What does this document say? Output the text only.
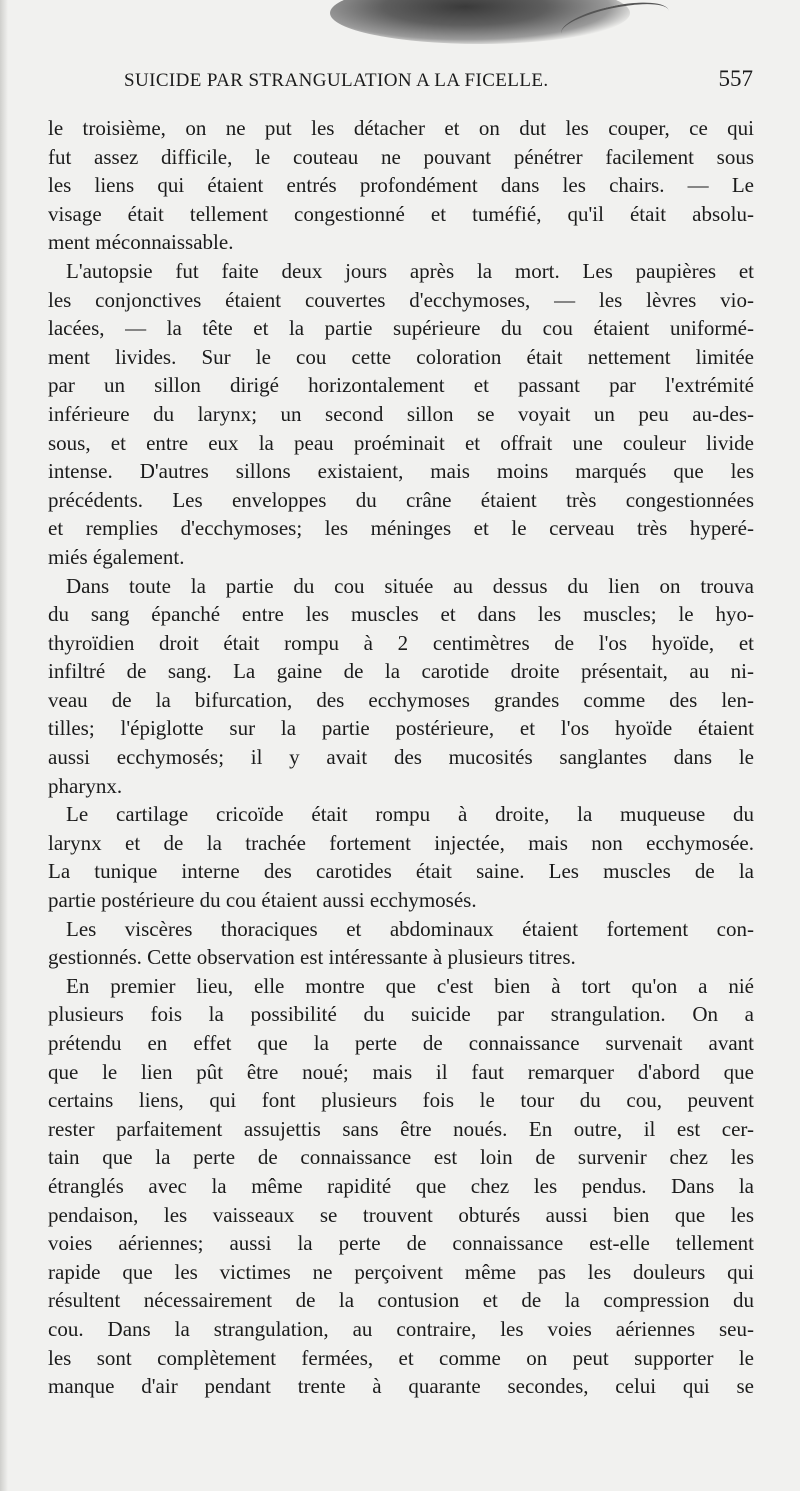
SUICIDE PAR STRANGULATION A LA FICELLE.	557
le troisième, on ne put les détacher et on dut les couper, ce qui
fut assez difficile, le couteau ne pouvant pénétrer facilement sous
les liens qui étaient entrés profondément dans les chairs. — Le
visage était tellement congestionné et tuméfié, qu'il était absolu-
ment méconnaissable.
L'autopsie fut faite deux jours après la mort. Les paupières et
les conjonctives étaient couvertes d'ecchymoses, — les lèvres vio-
lacées, — la tête et la partie supérieure du cou étaient uniformé-
ment livides. Sur le cou cette coloration était nettement limitée
par un sillon dirigé horizontalement et passant par l'extrémité
inférieure du larynx; un second sillon se voyait un peu au-des-
sous, et entre eux la peau proéminait et offrait une couleur livide
intense. D'autres sillons existaient, mais moins marqués que les
précédents. Les enveloppes du crâne étaient très congestionnées
et remplies d'ecchymoses; les méninges et le cerveau très hyperé-
miés également.
Dans toute la partie du cou située au dessus du lien on trouva
du sang épanché entre les muscles et dans les muscles; le hyo-
thyroïdien droit était rompu à 2 centimètres de l'os hyoïde, et
infiltré de sang. La gaine de la carotide droite présentait, au ni-
veau de la bifurcation, des ecchymoses grandes comme des len-
tilles; l'épiglotte sur la partie postérieure, et l'os hyoïde étaient
aussi ecchymosés; il y avait des mucosités sanglantes dans le
pharynx.
Le cartilage cricoïde était rompu à droite, la muqueuse du
larynx et de la trachée fortement injectée, mais non ecchymosée.
La tunique interne des carotides était saine. Les muscles de la
partie postérieure du cou étaient aussi ecchymosés.
Les viscères thoraciques et abdominaux étaient fortement con-
gestionnés. Cette observation est intéressante à plusieurs titres.
En premier lieu, elle montre que c'est bien à tort qu'on a nié
plusieurs fois la possibilité du suicide par strangulation. On a
prétendu en effet que la perte de connaissance survenait avant
que le lien pût être noué; mais il faut remarquer d'abord que
certains liens, qui font plusieurs fois le tour du cou, peuvent
rester parfaitement assujettis sans être noués. En outre, il est cer-
tain que la perte de connaissance est loin de survenir chez les
étranglés avec la même rapidité que chez les pendus. Dans la
pendaison, les vaisseaux se trouvent obturés aussi bien que les
voies aériennes; aussi la perte de connaissance est-elle tellement
rapide que les victimes ne perçoivent même pas les douleurs qui
résultent nécessairement de la contusion et de la compression du
cou. Dans la strangulation, au contraire, les voies aériennes seu-
les sont complètement fermées, et comme on peut supporter le
manque d'air pendant trente à quarante secondes, celui qui se
